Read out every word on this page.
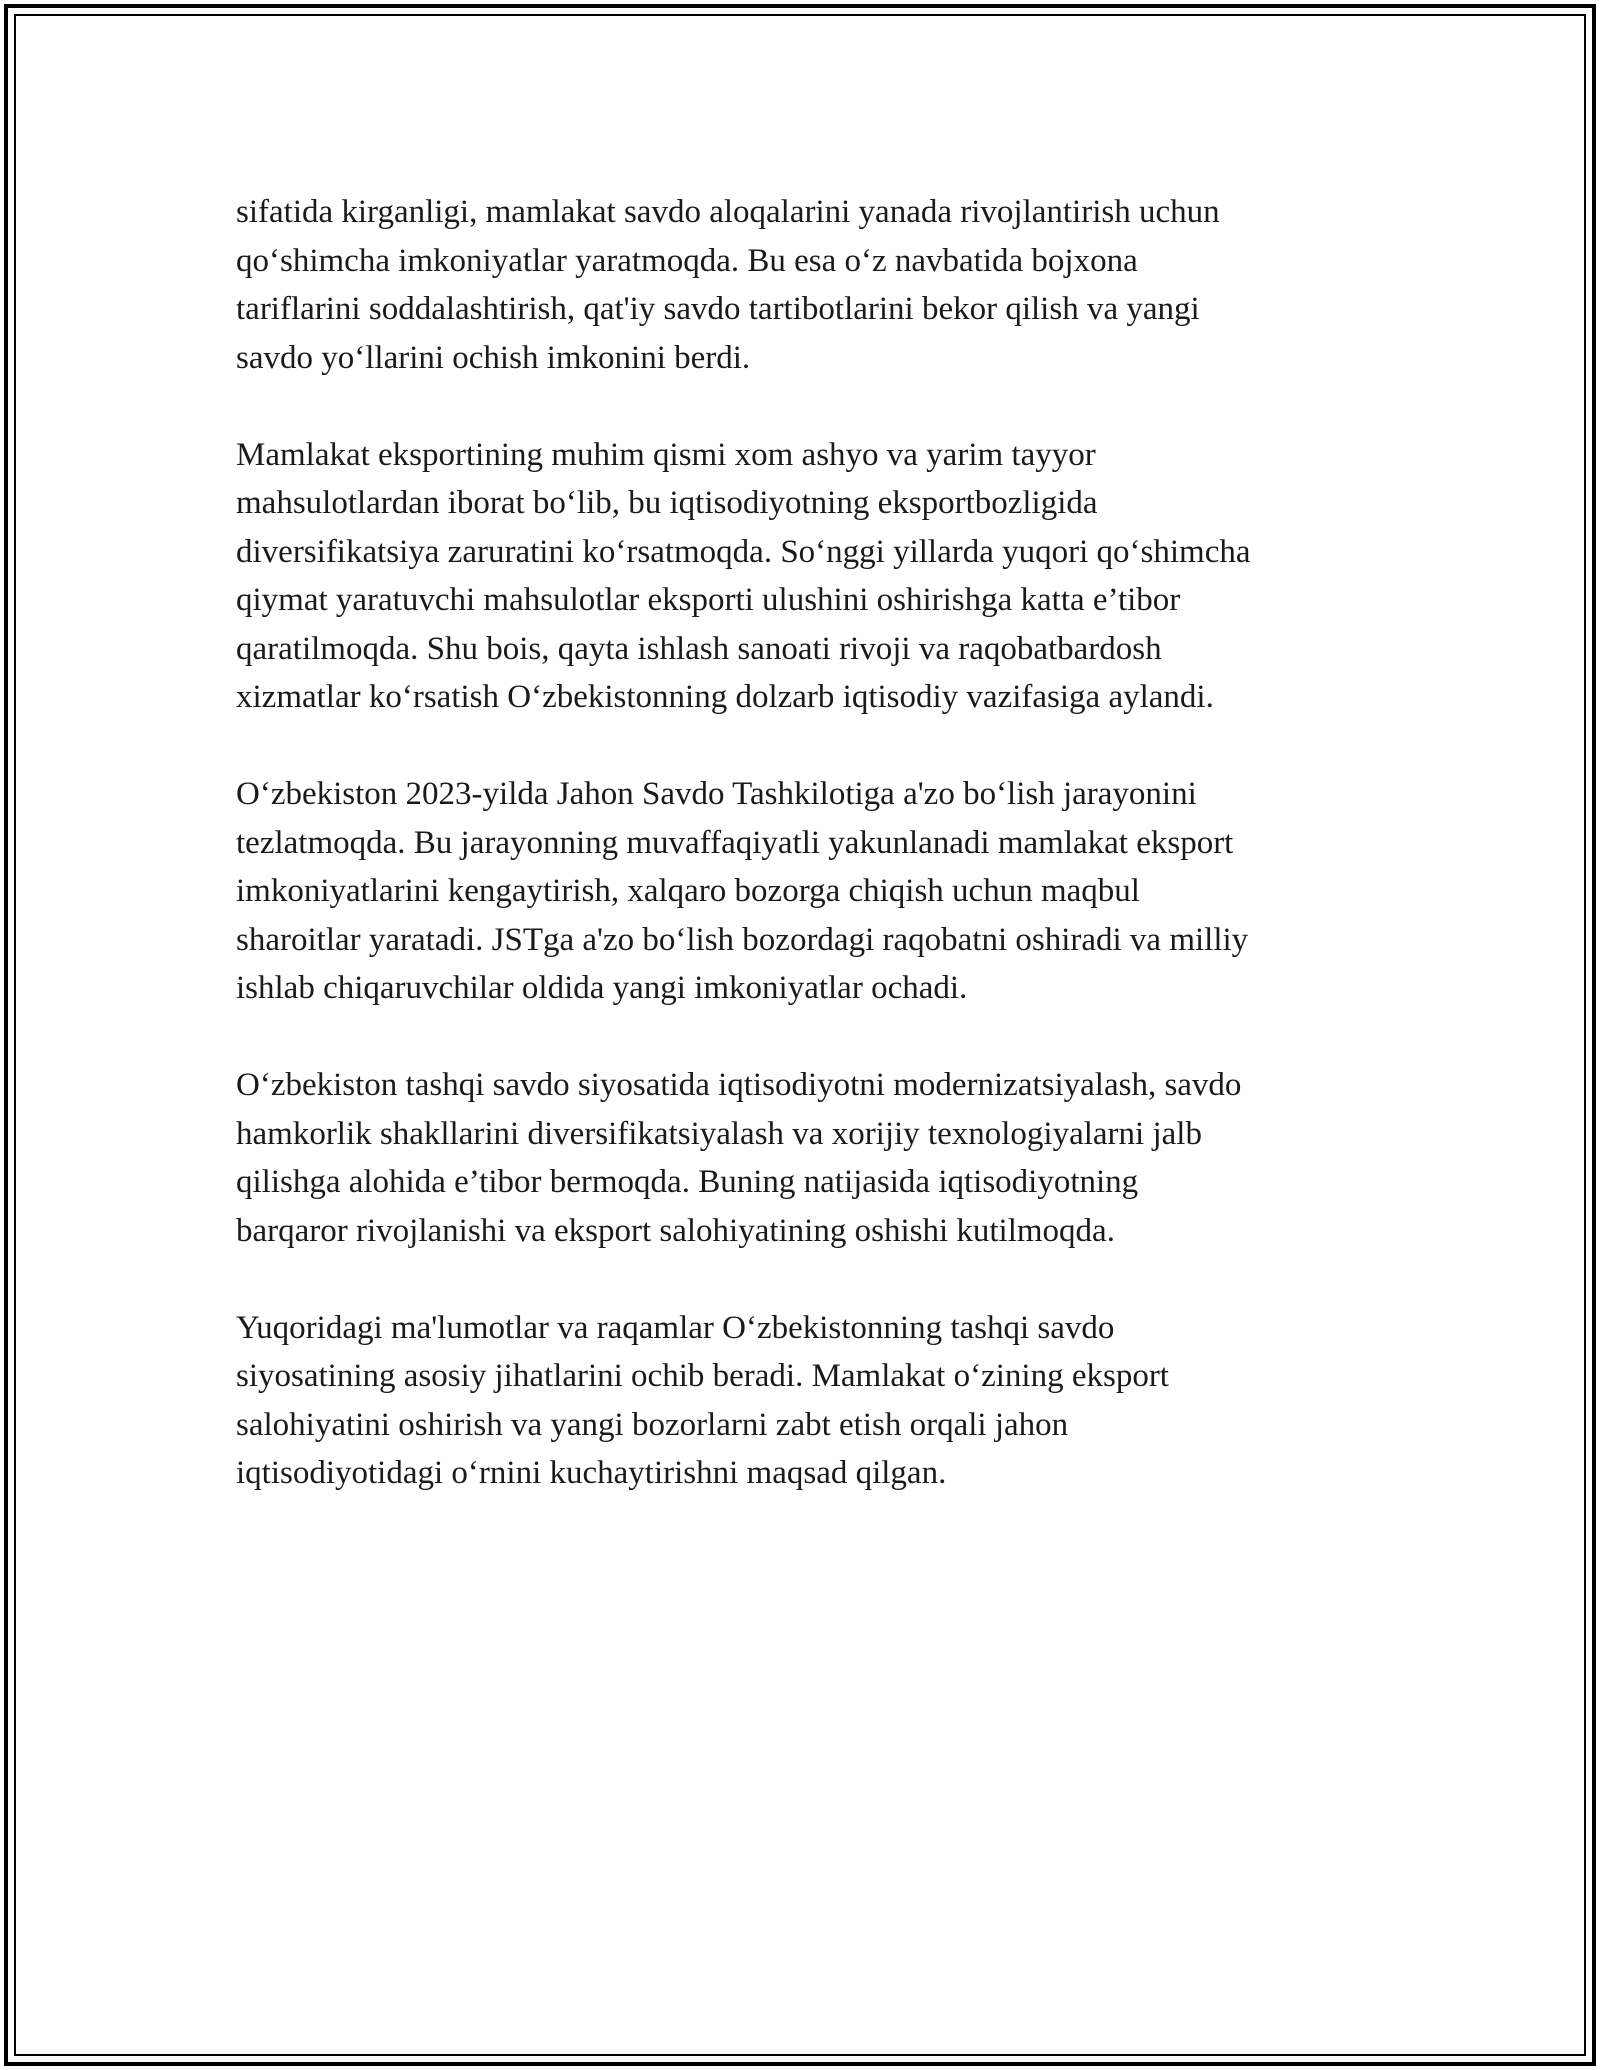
sifatida kirganligi, mamlakat savdo aloqalarini yanada rivojlantirish uchun
qo‘shimcha imkoniyatlar yaratmoqda. Bu esa o‘z navbatida bojxona
tariflarini soddalashtirish, qat'iy savdo tartibotlarini bekor qilish va yangi
savdo yo‘llarini ochish imkonini berdi.

Mamlakat eksportining muhim qismi xom ashyo va yarim tayyor
mahsulotlardan iborat bo‘lib, bu iqtisodiyotning eksportbozligida
diversifikatsiya zaruratini ko‘rsatmoqda. So‘nggi yillarda yuqori qo‘shimcha
qiymat yaratuvchi mahsulotlar eksporti ulushini oshirishga katta e’tibor
qaratilmoqda. Shu bois, qayta ishlash sanoati rivoji va raqobatbardosh
xizmatlar ko‘rsatish O‘zbekistonning dolzarb iqtisodiy vazifasiga aylandi.

O‘zbekiston 2023-yilda Jahon Savdo Tashkilotiga a'zo bo‘lish jarayonini
tezlatmoqda. Bu jarayonning muvaffaqiyatli yakunlanadi mamlakat eksport
imkoniyatlarini kengaytirish, xalqaro bozorga chiqish uchun maqbul
sharoitlar yaratadi. JSTga a'zo bo‘lish bozordagi raqobatni oshiradi va milliy
ishlab chiqaruvchilar oldida yangi imkoniyatlar ochadi.

O‘zbekiston tashqi savdo siyosatida iqtisodiyotni modernizatsiyalash, savdo
hamkorlik shakllarini diversifikatsiyalash va xorijiy texnologiyalarni jalb
qilishga alohida e’tibor bermoqda. Buning natijasida iqtisodiyotning
barqaror rivojlanishi va eksport salohiyatining oshishi kutilmoqda.

Yuqoridagi ma'lumotlar va raqamlar O‘zbekistonning tashqi savdo
siyosatining asosiy jihatlarini ochib beradi. Mamlakat o‘zining eksport
salohiyatini oshirish va yangi bozorlarni zabt etish orqali jahon
iqtisodiyotidagi o‘rnini kuchaytirishni maqsad qilgan.
